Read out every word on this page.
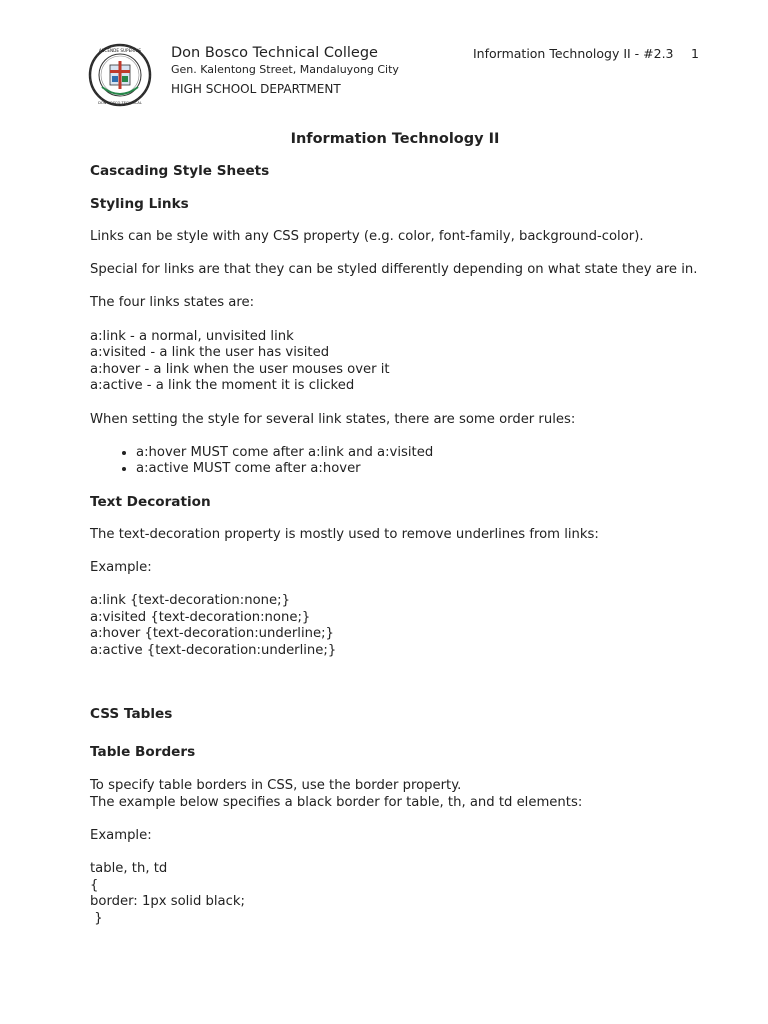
ASCENDE SUPERIUS
DON BOSCO TECHNICAL
Don Bosco Technical College
Gen. Kalentong Street, Mandaluyong City
HIGH SCHOOL DEPARTMENT
Information Technology II - #2.3 1
Information Technology II
Cascading Style Sheets
Styling Links

Links can be style with any CSS property (e.g. color, font-family, background-color).

Special for links are that they can be styled differently depending on what state they are in.

The four links states are:

a:link - a normal, unvisited link
a:visited - a link the user has visited
a:hover - a link when the user mouses over it
a:active - a link the moment it is clicked

When setting the style for several link states, there are some order rules:

• a:hover MUST come after a:link and a:visited
• a:active MUST come after a:hover
Text Decoration

The text-decoration property is mostly used to remove underlines from links:

Example:

a:link {text-decoration:none;}
a:visited {text-decoration:none;}
a:hover {text-decoration:underline;}
a:active {text-decoration:underline;}
CSS Tables
Table Borders
To specify table borders in CSS, use the border property.
The example below specifies a black border for table, th, and td elements:

Example:

table, th, td
{
border: 1px solid black;
}
